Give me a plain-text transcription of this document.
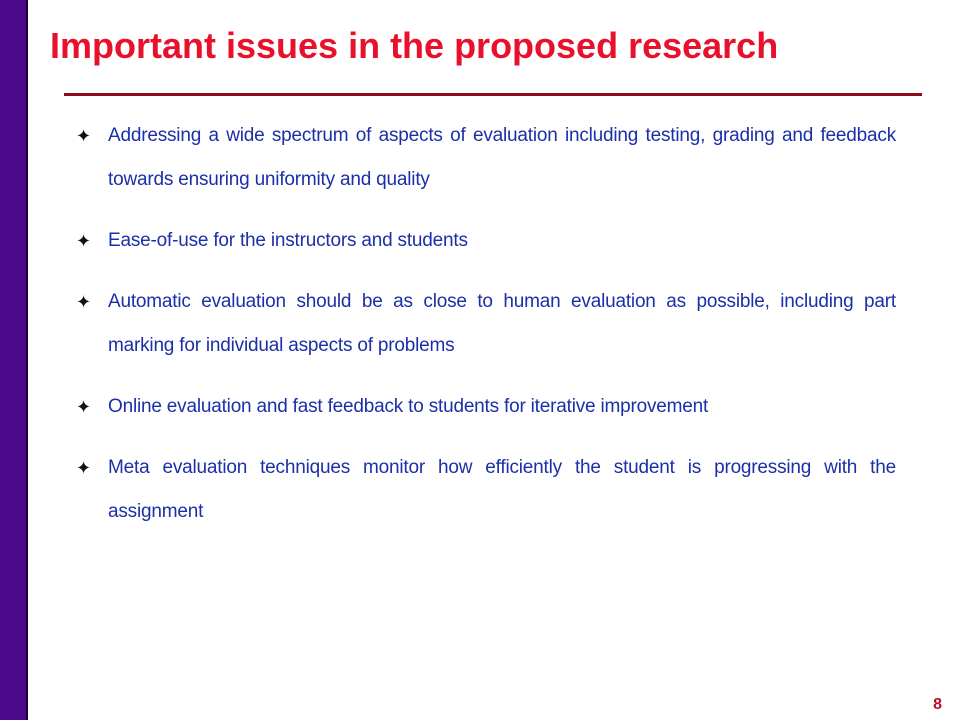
Important issues in the proposed research
✦ Addressing a wide spectrum of aspects of evaluation including testing, grading and feedback towards ensuring uniformity and quality
✦ Ease-of-use for the instructors and students
✦ Automatic evaluation should be as close to human evaluation as possible, including part marking for individual aspects of problems
✦ Online evaluation and fast feedback to students for iterative improvement
✦ Meta evaluation techniques monitor how efficiently the student is progressing with the assignment
8
